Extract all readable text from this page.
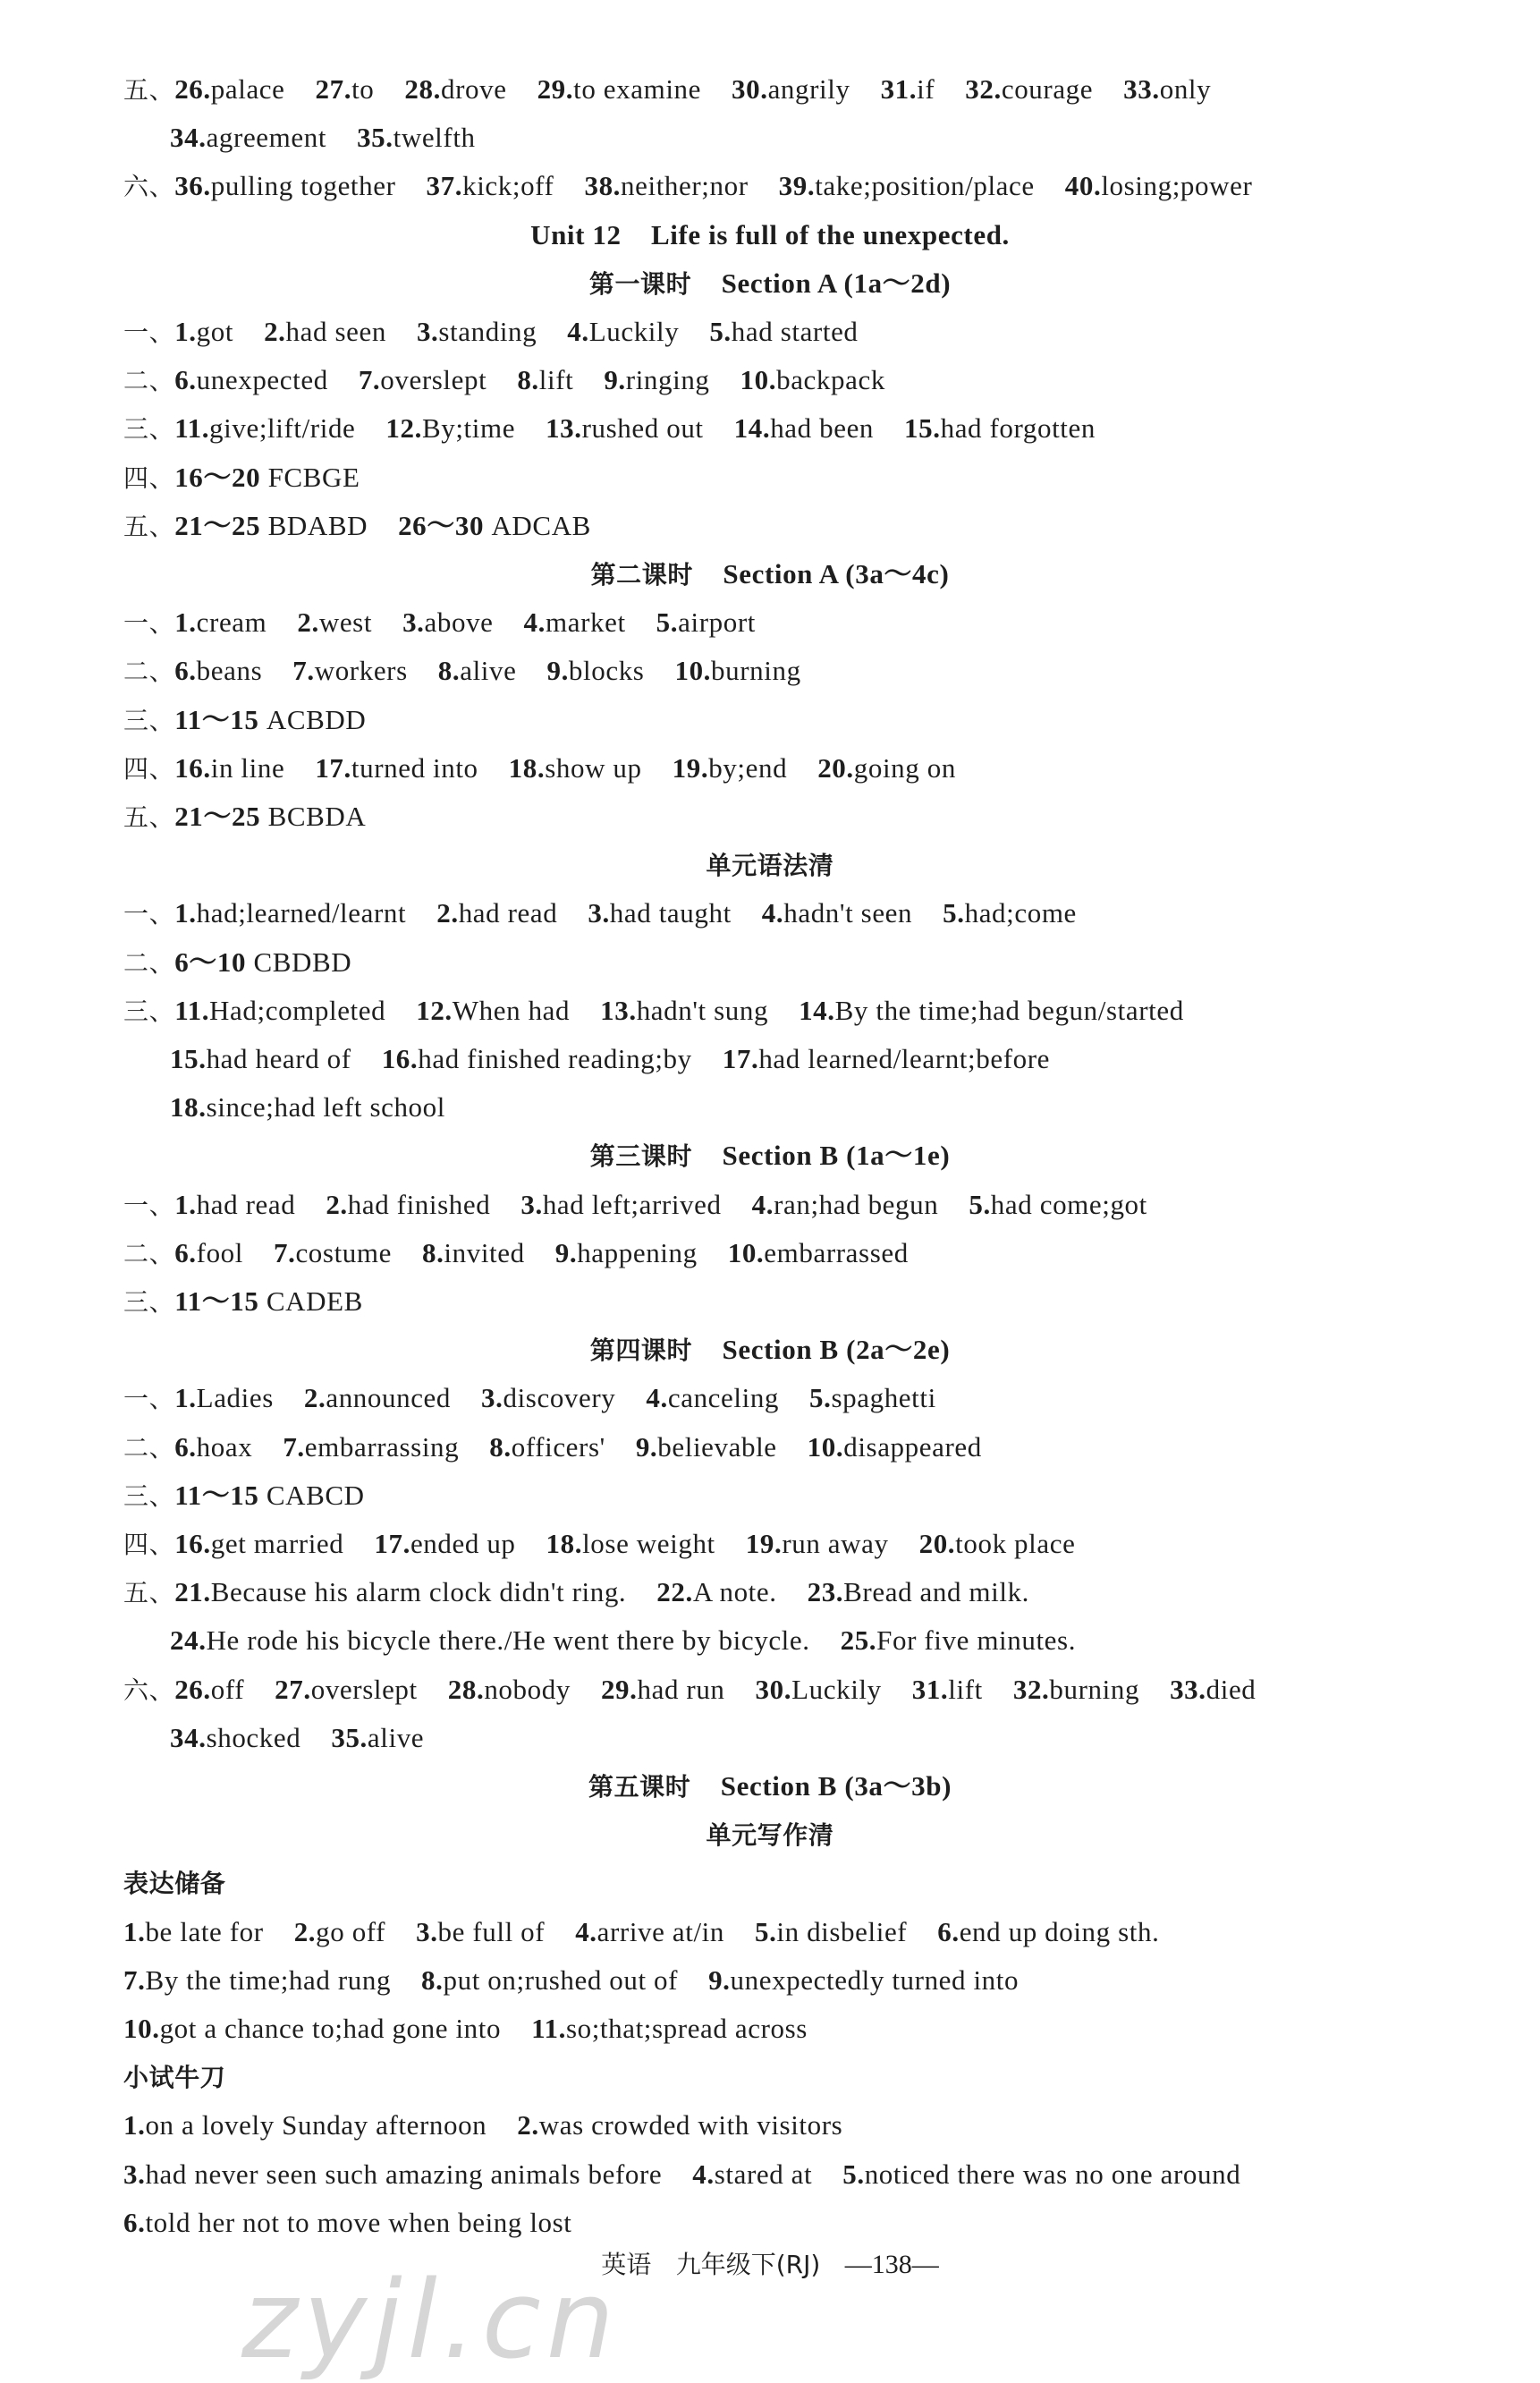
五、26.palace 27.to 28.drove 29.to examine 30.angrily 31.if 32.courage 33.only
34.agreement 35.twelfth
六、36.pulling together 37.kick;off 38.neither;nor 39.take;position/place 40.losing;power
Unit 12 Life is full of the unexpected.
第一课时 Section A (1a～2d)
一、1.got 2.had seen 3.standing 4.Luckily 5.had started
二、6.unexpected 7.overslept 8.lift 9.ringing 10.backpack
三、11.give;lift/ride 12.By;time 13.rushed out 14.had been 15.had forgotten
四、16～20 FCBGE
五、21～25 BDABD 26～30 ADCAB
第二课时 Section A (3a～4c)
一、1.cream 2.west 3.above 4.market 5.airport
二、6.beans 7.workers 8.alive 9.blocks 10.burning
三、11～15 ACBDD
四、16.in line 17.turned into 18.show up 19.by;end 20.going on
五、21～25 BCBDA
单元语法清
一、1.had;learned/learnt 2.had read 3.had taught 4.hadn't seen 5.had;come
二、6～10 CBDBD
三、11.Had;completed 12.When had 13.hadn't sung 14.By the time;had begun/started
15.had heard of 16.had finished reading;by 17.had learned/learnt;before
18.since;had left school
第三课时 Section B (1a～1e)
一、1.had read 2.had finished 3.had left;arrived 4.ran;had begun 5.had come;got
二、6.fool 7.costume 8.invited 9.happening 10.embarrassed
三、11～15 CADEB
第四课时 Section B (2a～2e)
一、1.Ladies 2.announced 3.discovery 4.canceling 5.spaghetti
二、6.hoax 7.embarrassing 8.officers' 9.believable 10.disappeared
三、11～15 CABCD
四、16.get married 17.ended up 18.lose weight 19.run away 20.took place
五、21.Because his alarm clock didn't ring. 22.A note. 23.Bread and milk.
24.He rode his bicycle there./He went there by bicycle. 25.For five minutes.
六、26.off 27.overslept 28.nobody 29.had run 30.Luckily 31.lift 32.burning 33.died
34.shocked 35.alive
第五课时 Section B (3a～3b)
单元写作清
表达储备
1.be late for 2.go off 3.be full of 4.arrive at/in 5.in disbelief 6.end up doing sth.
7.By the time;had rung 8.put on;rushed out of 9.unexpectedly turned into
10.got a chance to;had gone into 11.so;that;spread across
小试牛刀
1.on a lovely Sunday afternoon 2.was crowded with visitors
3.had never seen such amazing animals before 4.stared at 5.noticed there was no one around
6.told her not to move when being lost
英语 九年级下(RJ) —138—
zyjl.cn
